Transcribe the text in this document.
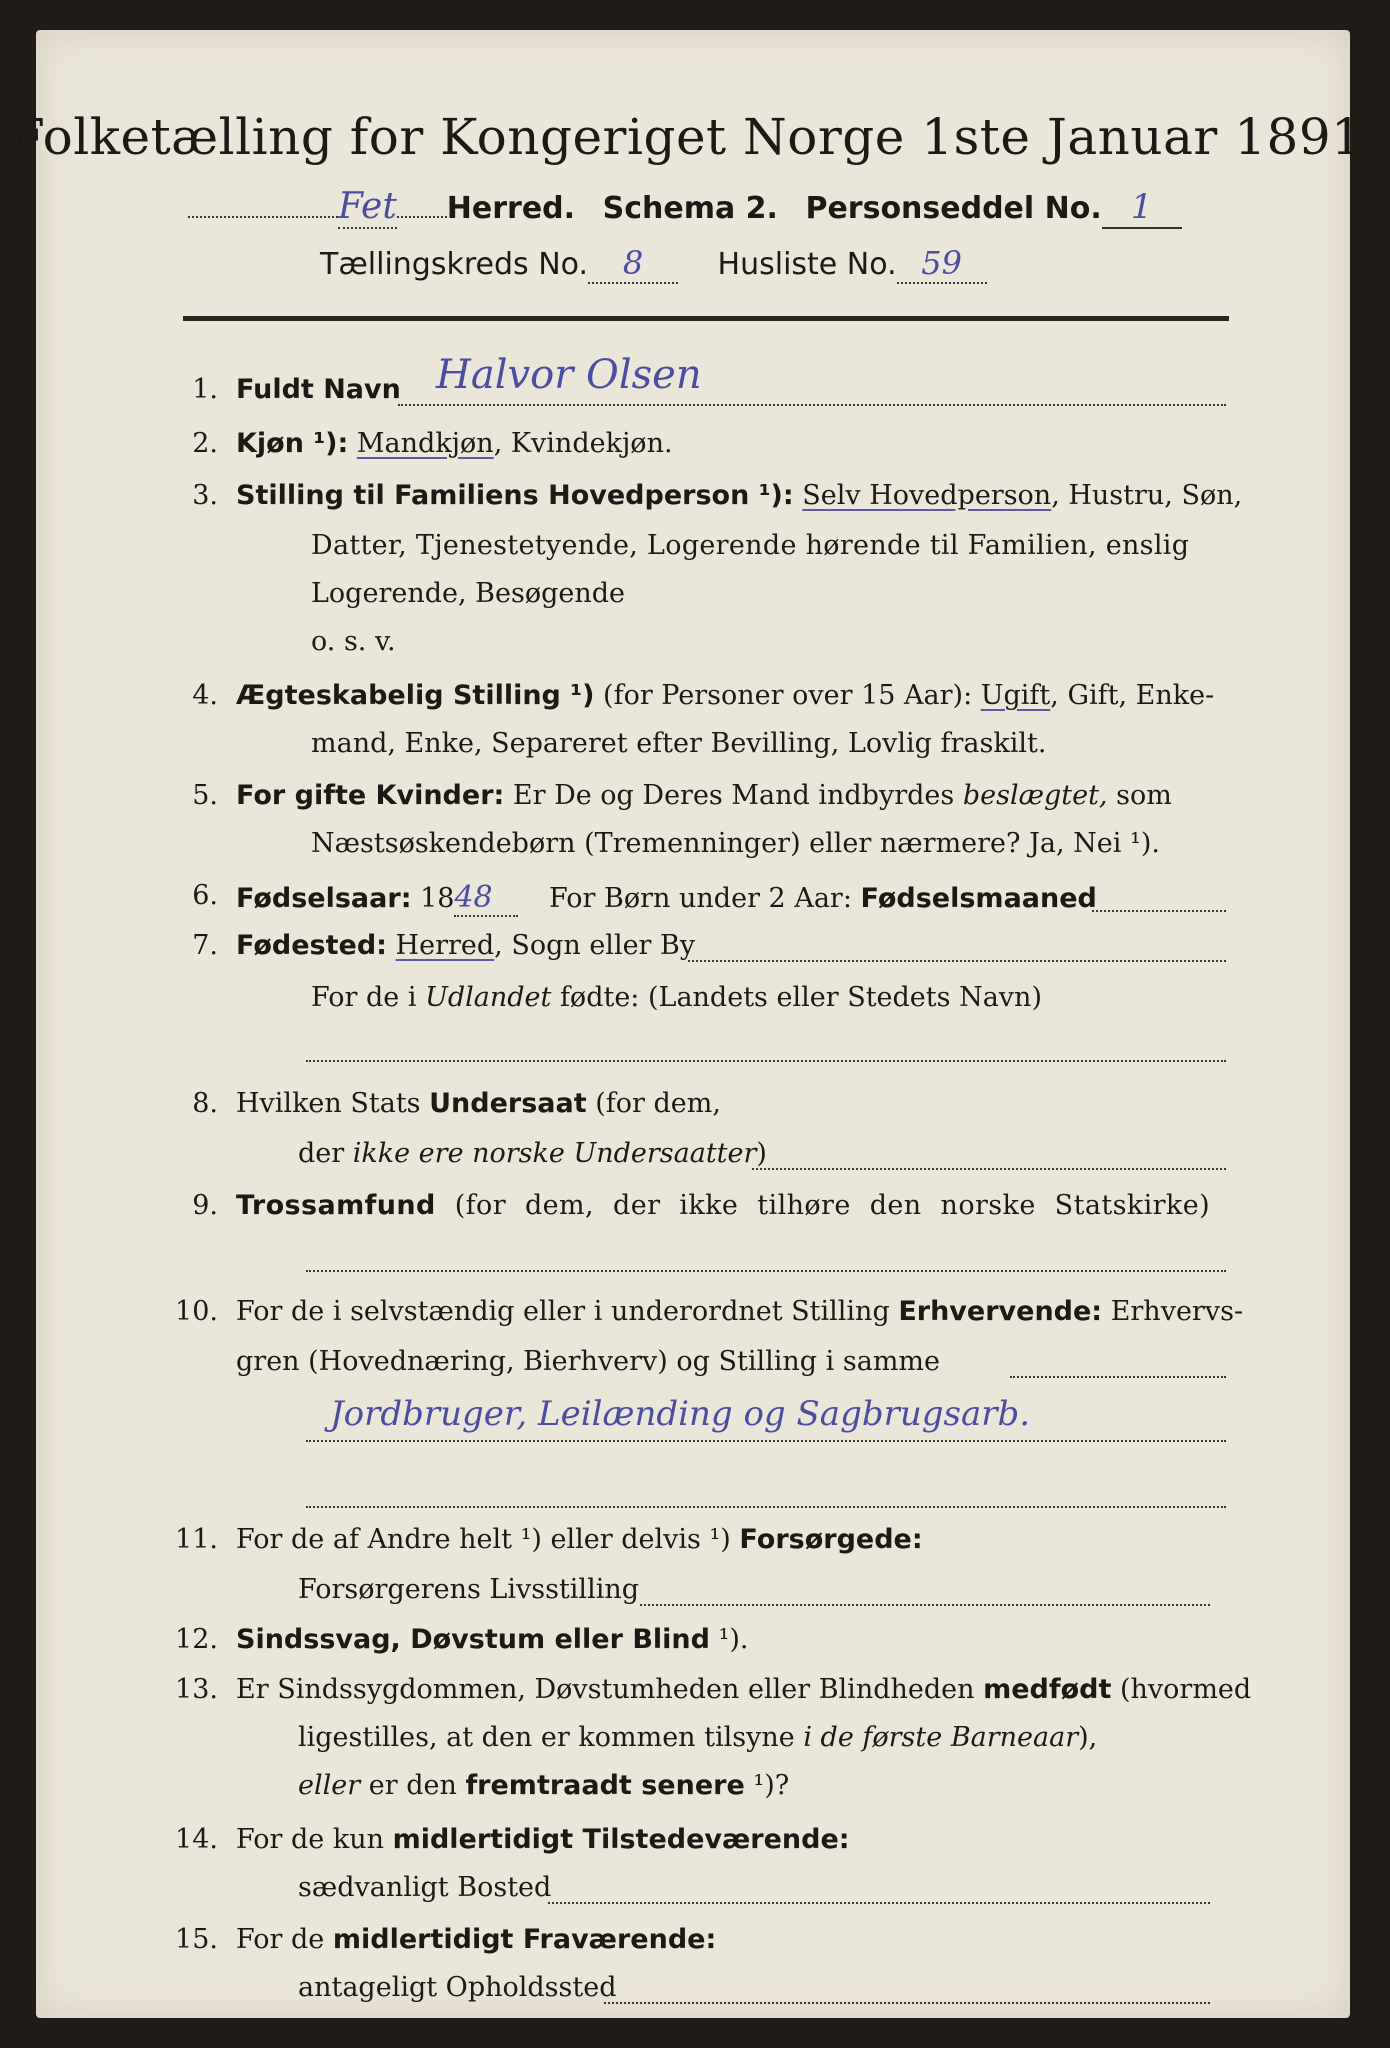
Folketælling for Kongeriget Norge 1ste Januar 1891.
Fet Herred. Schema 2. Personseddel No. 1
Tællingskreds No. 8 Husliste No. 59
1. Fuldt Navn Halvor Olsen
2. Kjøn ¹): Mandkjøn, Kvindekjøn.
3. Stilling til Familiens Hovedperson ¹): Selv Hovedperson, Hustru, Søn,
Datter, Tjenestetyende, Logerende hørende til Familien, enslig
Logerende, Besøgende
o. s. v.
4. Ægteskabelig Stilling ¹) (for Personer over 15 Aar): Ugift, Gift, Enke-
mand, Enke, Separeret efter Bevilling, Lovlig fraskilt.
5. For gifte Kvinder: Er De og Deres Mand indbyrdes beslægtet, som
Næstsøskendebørn (Tremenninger) eller nærmere? Ja, Nei ¹).
6. Fødselsaar: 1848 For Børn under 2 Aar: Fødselsmaaned
7. Fødested: Herred, Sogn eller By
For de i Udlandet fødte: (Landets eller Stedets Navn)
8. Hvilken Stats Undersaat (for dem,
der ikke ere norske Undersaatter)
9. Trossamfund (for dem, der ikke tilhøre den norske Statskirke)
10. For de i selvstændig eller i underordnet Stilling Erhvervende: Erhvervs-
gren (Hovednæring, Bierhverv) og Stilling i samme
Jordbruger, Leilænding og Sagbrugsarb.
11. For de af Andre helt ¹) eller delvis ¹) Forsørgede:
Forsørgerens Livsstilling
12. Sindssvag, Døvstum eller Blind ¹).
13. Er Sindssygdommen, Døvstumheden eller Blindheden medfødt (hvormed
ligestilles, at den er kommen tilsyne i de første Barneaar),
eller er den fremtraadt senere ¹)?
14. For de kun midlertidigt Tilstedeværende:
sædvanligt Bosted
15. For de midlertidigt Fraværende:
antageligt Opholdssted
¹) De for hvert Tilfælde passende Ord understreges.
